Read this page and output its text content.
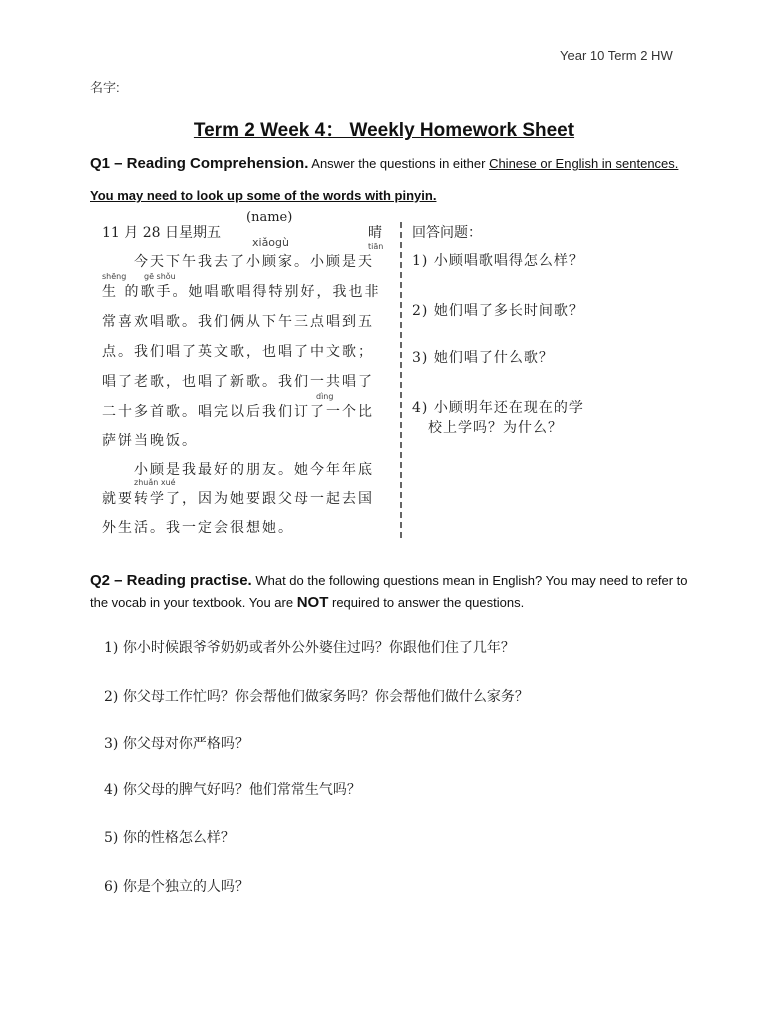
Year 10 Term 2 HW
名字:
Term 2 Week 4： Weekly Homework Sheet
Q1 – Reading Comprehension. Answer the questions in either Chinese or English in sentences.
You may need to look up some of the words with pinyin.
11 月 28 日星期五
(name)
晴
xiǎogù	tiān
shēng gē shǒu
dìng
zhuǎn xué
今天下午我去了小顾家。小顾是天
生 的歌手。她唱歌唱得特别好，我也非
常喜欢唱歌。我们俩从下午三点唱到五
点。我们唱了英文歌，也唱了中文歌；
唱了老歌，也唱了新歌。我们一共唱了
二十多首歌。唱完以后我们订了一个比
萨饼当晚饭。
小顾是我最好的朋友。她今年年底
就要转学了，因为她要跟父母一起去国
外生活。我一定会很想她。
回答问题：
1) 小顾唱歌唱得怎么样？
2) 她们唱了多长时间歌？
3) 她们唱了什么歌？
4) 小顾明年还在现在的学
校上学吗？为什么？
Q2 – Reading practise. What do the following questions mean in English? You may need to refer to the vocab in your textbook. You are NOT required to answer the questions.
1) 你小时候跟爷爷奶奶或者外公外婆住过吗？你跟他们住了几年？
2) 你父母工作忙吗？你会帮他们做家务吗？你会帮他们做什么家务？
3) 你父母对你严格吗？
4) 你父母的脾气好吗？他们常常生气吗？
5) 你的性格怎么样？
6) 你是个独立的人吗？
